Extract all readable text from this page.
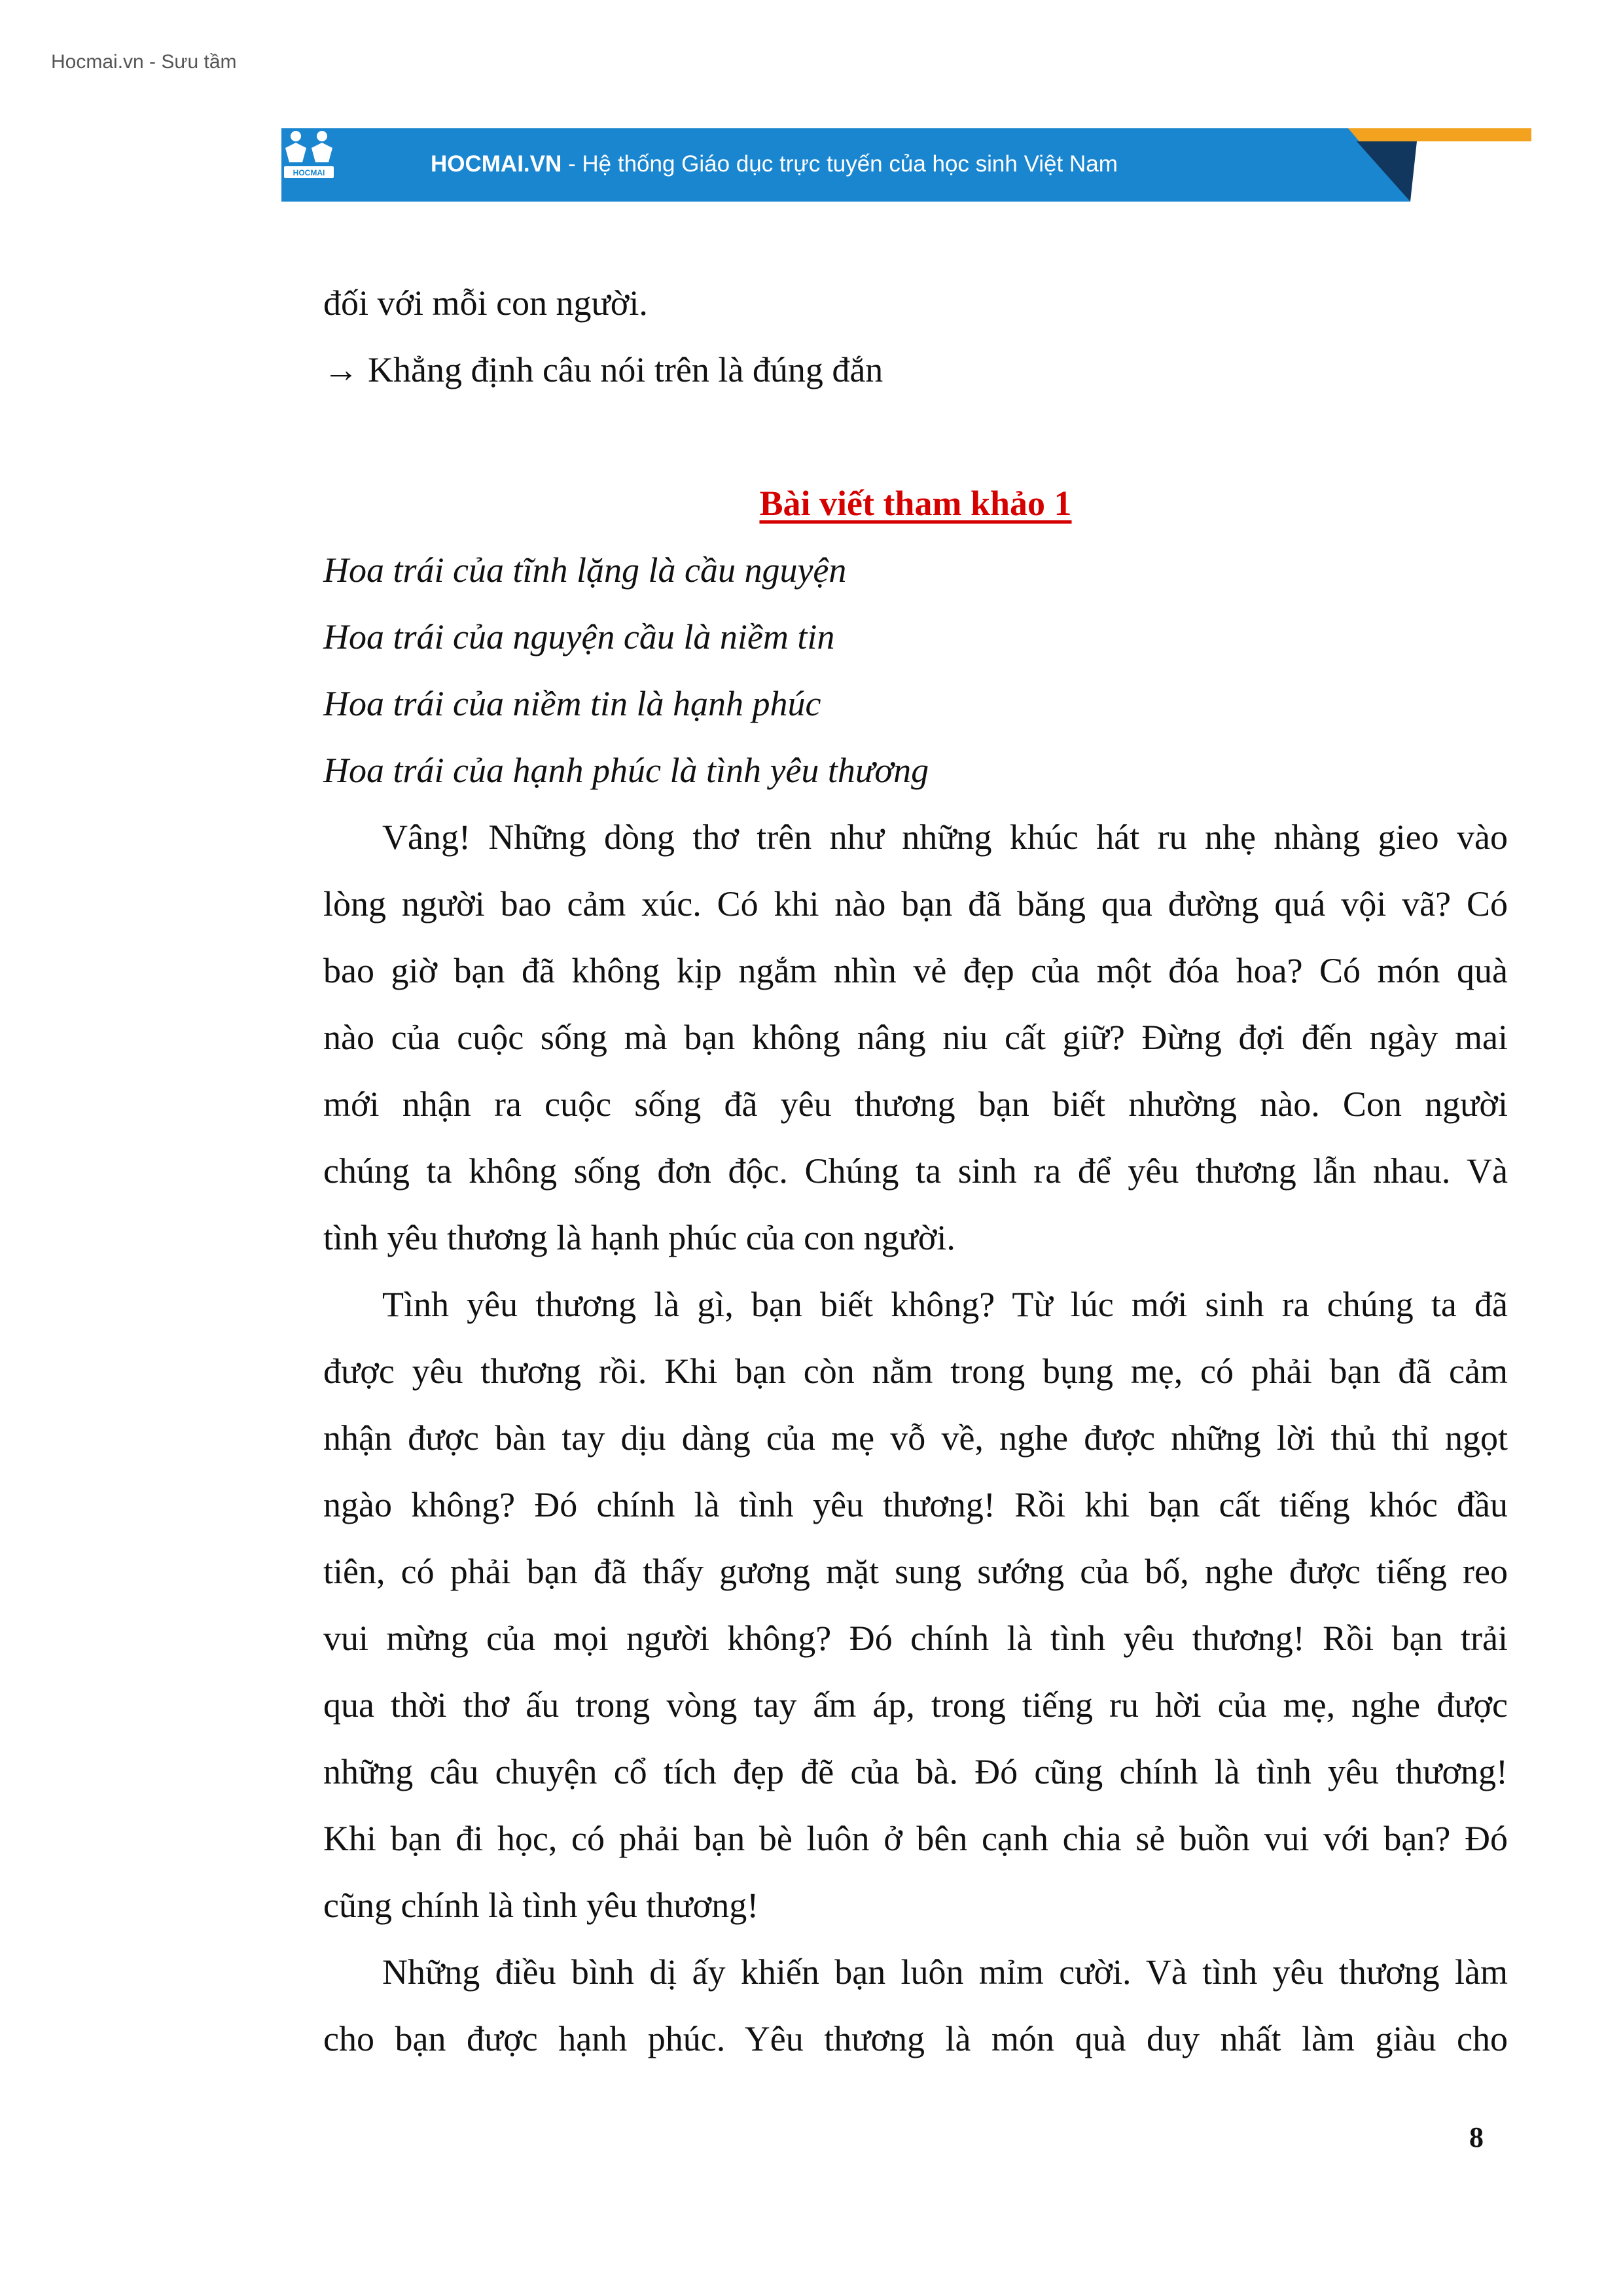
Hocmai.vn - Sưu tầm
HOCMAI	HOCMAI.VN - Hệ thống Giáo dục trực tuyến của học sinh Việt Nam
đối với mỗi con người.
→ Khẳng định câu nói trên là đúng đắn
Bài viết tham khảo 1
Hoa trái của tĩnh lặng là cầu nguyện
Hoa trái của nguyện cầu là niềm tin
Hoa trái của niềm tin là hạnh phúc
Hoa trái của hạnh phúc là tình yêu thương
Vâng! Những dòng thơ trên như những khúc hát ru nhẹ nhàng gieo vào
lòng người bao cảm xúc. Có khi nào bạn đã băng qua đường quá vội vã? Có
bao giờ bạn đã không kịp ngắm nhìn vẻ đẹp của một đóa hoa? Có món quà
nào của cuộc sống mà bạn không nâng niu cất giữ? Đừng đợi đến ngày mai
mới nhận ra cuộc sống đã yêu thương bạn biết nhường nào. Con người
chúng ta không sống đơn độc. Chúng ta sinh ra để yêu thương lẫn nhau. Và
tình yêu thương là hạnh phúc của con người.
Tình yêu thương là gì, bạn biết không? Từ lúc mới sinh ra chúng ta đã
được yêu thương rồi. Khi bạn còn nằm trong bụng mẹ, có phải bạn đã cảm
nhận được bàn tay dịu dàng của mẹ vỗ về, nghe được những lời thủ thỉ ngọt
ngào không? Đó chính là tình yêu thương! Rồi khi bạn cất tiếng khóc đầu
tiên, có phải bạn đã thấy gương mặt sung sướng của bố, nghe được tiếng reo
vui mừng của mọi người không? Đó chính là tình yêu thương! Rồi bạn trải
qua thời thơ ấu trong vòng tay ấm áp, trong tiếng ru hời của mẹ, nghe được
những câu chuyện cổ tích đẹp đẽ của bà. Đó cũng chính là tình yêu thương!
Khi bạn đi học, có phải bạn bè luôn ở bên cạnh chia sẻ buồn vui với bạn? Đó
cũng chính là tình yêu thương!
Những điều bình dị ấy khiến bạn luôn mỉm cười. Và tình yêu thương làm
cho bạn được hạnh phúc. Yêu thương là món quà duy nhất làm giàu cho
8
